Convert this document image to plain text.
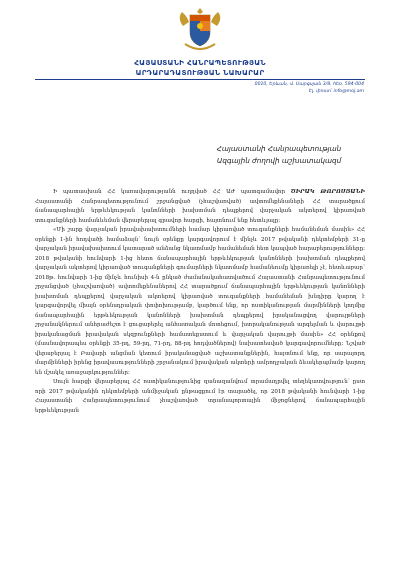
ՀԱՅԱՍՏԱՆԻ ՀԱՆՐԱՊԵՏՈՒԹՅԱՆ
ԱՐԴԱՐԱԴԱՏՈՒԹՅԱՆ ՆԱԽԱՐԱՐ
0010, Երևան, Վ. Սարգսյան 3/8, hեռ. 594-004
Էլ. փոստ՝ info@moj.am
Հայաստանի Հանրապետության
Ազգային ժողովի աշխատակազմ

Ի պատասխան ՀՀ կառավարությանն ուղղված ՀՀ ԱԺ պատգամավոր ԾԻՐԱԿ ԹՈՐՈՍՅԱՆԻ Հայաստանի Հանրապետությունում շրջանցված (չհաշվառված) ավտոմեքենաների ՀՀ տարածքում ճանապարհային երթևեկության կանոնների խախտման դեպքերով վարչական ակտերով կիրառված տուգանքների համանևեման վերաբերյալ գրավոր հարցի, հայտնում ենք հետևյալը։

«Մի շարք վարչական իրավախախտումների համար կիրառված տուգանքների համանեման մասին» ՀՀ օրենքի 1-ին հոդվածի համաձայն՝ նույն օրենքը կարգավորում է մինչև 2017 թվականի դեկտեմբերի 31-ը վարչական իրավախախտում կատարած անձանց նկատմամբ համանեման հետ կապված հարաբերությունները։ 2018 թվականի հունվարի 1-ից հետո ճանապարհային երթևեկության կանոնների խախտման դեպքերով վարչական ակտերով կիրառված տուգանքների գումարների նկատմամբ համանեումը կիրառելի չէ, հետևաբար՝ 2018թ. հունվարի 1-ից մինչև հունիսի 4-ն ընկած ժամանակահատվածում Հայաստանի Հանրապետությունում շրջանցված (չհաշվառված) ավտոմեքենաներով ՀՀ տարածքում ճանապարհային երթևեկության կանոնների խախտման դեպքերով վարչական ակտերով կիրառված տուգանքների համանեման խնդիրը կարող է կարգավորվել միայն օրենսդրական փոփոխությամբ, կարծում ենք, որ ոստիկանության մարմինների կողմից ճանապարհային երթևեկության կանոնների խախտման դեպքերով իրականացվող վարույթների շրջանակներում անհրաժեշտ է ցուցաբերել անհատական մոտեցում, խտրականության արգելման և վարույթի իրականացման իրավական սկզբունքների համատեքստում և վարչական վարույթի մասին» ՀՀ օրենքով (մասնավորապես օրենքի 35-րդ, 59-րդ, 71-րդ, 88-րդ հոդվածներով) նախատեսված կարգավորումները։ Նշված վերաբերյալ է Բավարի անցման կետում իրականացված աշխատանքներին, հայտնում ենք, որ սարայորդ մարմինների իրենց իրավասությունների շրջանակում իրավական ակտերի ամրողջական ձևակերպմամբ կարող են մշակել առաջարկություններ։

Սույն հարցի վերաբերյալ ՀՀ ոստիկանությունից զանազանվում տրամադրվել տեղեկատվություն՝ ըստ որի 2017 թվականին դեկտեմբերի անմիջական ընթացքում էր տարածել, որ 2018 թվականի հունվարի 1-ից Հայաստանի Հանրապետությունում չհաշվառված տրանսպորտային միջոցներով ճանապարհային երթևեկության
